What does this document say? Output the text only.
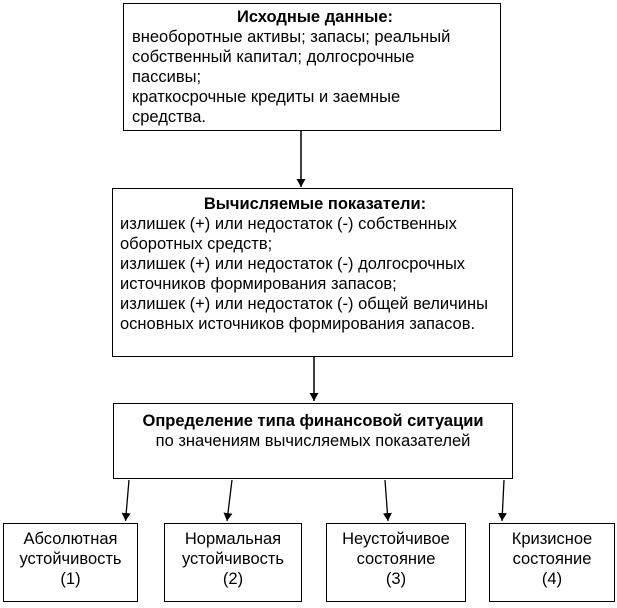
Исходные данные:
внеоборотные активы; запасы; реальный
собственный капитал; долгосрочные
пассивы;
краткосрочные кредиты и заемные
средства.
Вычисляемые показатели:
излишек (+) или недостаток (-) собственных
оборотных средств;
излишек (+) или недостаток (-) долгосрочных
источников формирования запасов;
излишек (+) или недостаток (-) общей величины
основных источников формирования запасов.
Определение типа финансовой ситуации
по значениям вычисляемых показателей
Абсолютная
устойчивость
(1)
Нормальная
устойчивость
(2)
Неустойчивое
состояние
(3)
Кризисное
состояние
(4)
